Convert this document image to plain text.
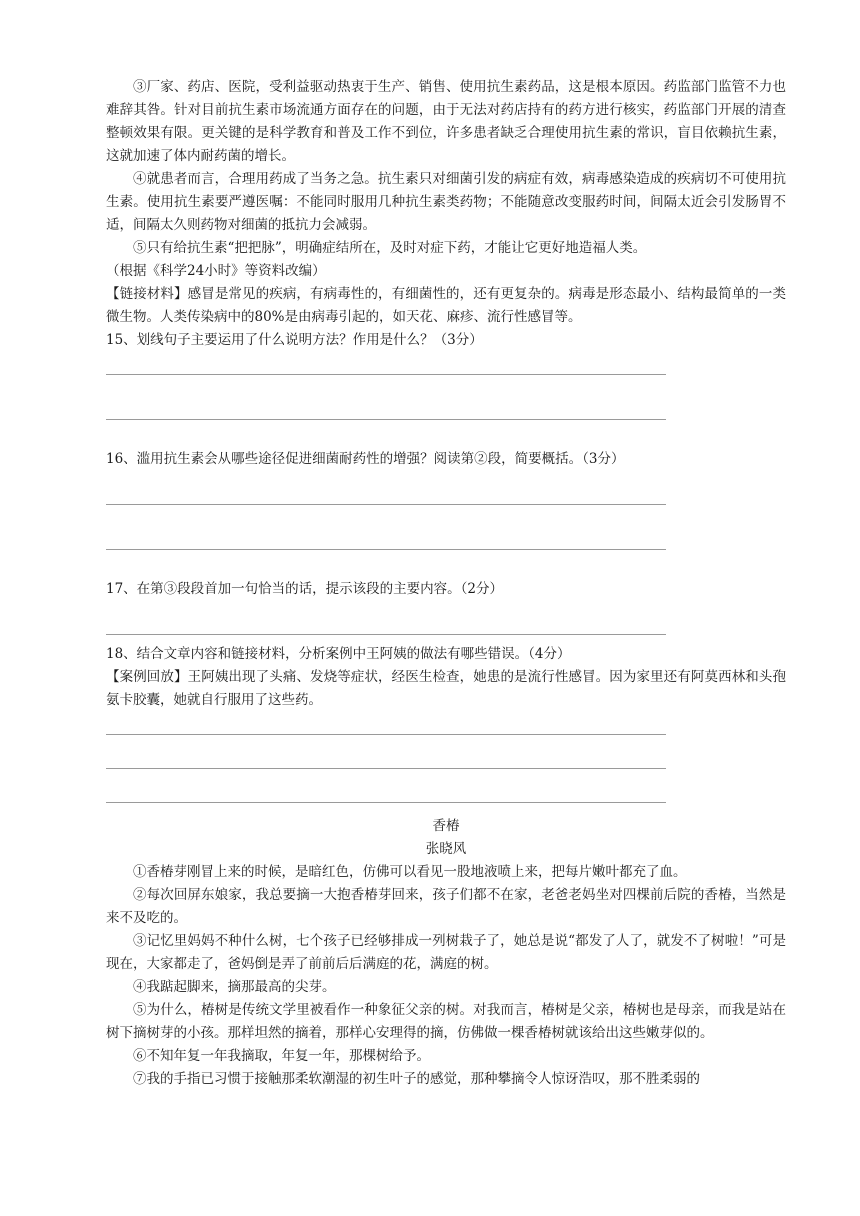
③厂家、药店、医院，受利益驱动热衷于生产、销售、使用抗生素药品，这是根本原因。药监部门监管不力也难辞其咎。针对目前抗生素市场流通方面存在的问题，由于无法对药店持有的药方进行核实，药监部门开展的清查整顿效果有限。更关键的是科学教育和普及工作不到位，许多患者缺乏合理使用抗生素的常识，盲目依赖抗生素，这就加速了体内耐药菌的增长。

④就患者而言，合理用药成了当务之急。抗生素只对细菌引发的病症有效，病毒感染造成的疾病切不可使用抗生素。使用抗生素要严遵医嘱：不能同时服用几种抗生素类药物；不能随意改变服药时间，间隔太近会引发肠胃不适，间隔太久则药物对细菌的抵抗力会减弱。

⑤只有给抗生素“把把脉”，明确症结所在，及时对症下药，才能让它更好地造福人类。

（根据《科学24小时》等资料改编）

【链接材料】感冒是常见的疾病，有病毒性的，有细菌性的，还有更复杂的。病毒是形态最小、结构最简单的一类微生物。人类传染病中的80%是由病毒引起的，如天花、麻疹、流行性感冒等。

15、划线句子主要运用了什么说明方法？作用是什么？（3分）

16、滥用抗生素会从哪些途径促进细菌耐药性的增强？阅读第②段，简要概括。（3分）

17、在第③段段首加一句恰当的话，提示该段的主要内容。（2分）

18、结合文章内容和链接材料，分析案例中王阿姨的做法有哪些错误。（4分）

【案例回放】王阿姨出现了头痛、发烧等症状，经医生检查，她患的是流行性感冒。因为家里还有阿莫西林和头孢氨卡胶囊，她就自行服用了这些药。

香椿

张晓风

①香椿芽刚冒上来的时候，是暗红色，仿佛可以看见一股地液喷上来，把每片嫩叶都充了血。

②每次回屏东娘家，我总要摘一大抱香椿芽回来，孩子们都不在家，老爸老妈坐对四棵前后院的香椿，当然是来不及吃的。

③记忆里妈妈不种什么树，七个孩子已经够排成一列树栽子了，她总是说“都发了人了，就发不了树啦！”可是现在，大家都走了，爸妈倒是弄了前前后后满庭的花，满庭的树。

④我踮起脚来，摘那最高的尖芽。

⑤为什么，椿树是传统文学里被看作一种象征父亲的树。对我而言，椿树是父亲，椿树也是母亲，而我是站在树下摘树芽的小孩。那样坦然的摘着，那样心安理得的摘，仿佛做一棵香椿树就该给出这些嫩芽似的。

⑥不知年复一年我摘取，年复一年，那棵树给予。

⑦我的手指已习惯于接触那柔软潮湿的初生叶子的感觉，那种攀摘令人惊讶浩叹，那不胜柔弱的
